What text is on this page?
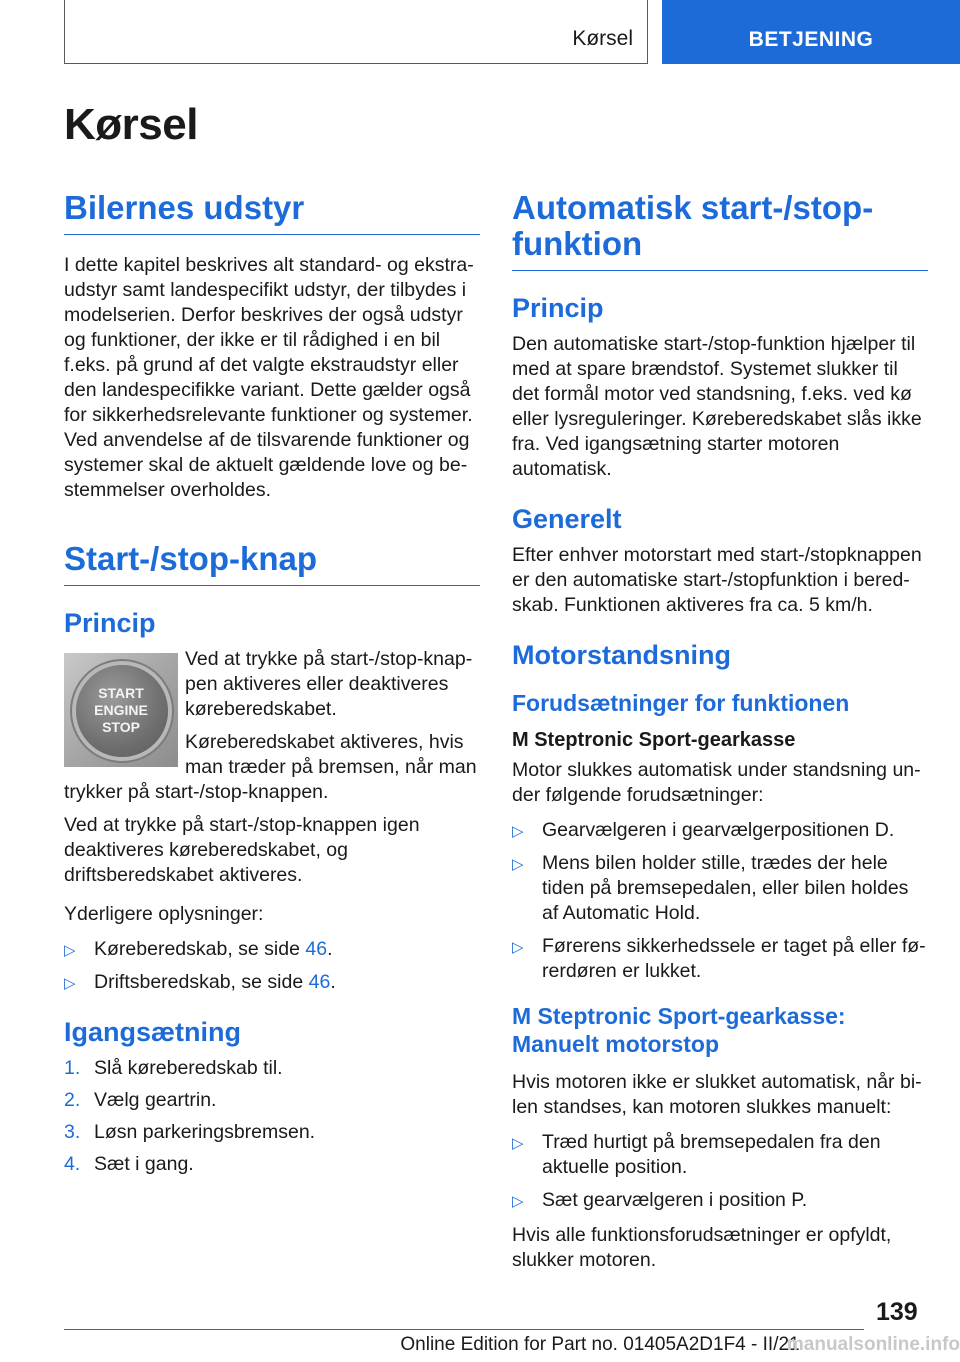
Kørsel	BETJENING
Kørsel
Bilernes udstyr

I dette kapitel beskrives alt standard- og ekstraudstyr samt landespecifikt udstyr, der tilbydes i modelserien. Derfor beskrives der også udstyr og funktioner, der ikke er til rådighed i en bil f.eks. på grund af det valgte ekstraudstyr eller den landespecifikke variant. Dette gælder også for sikkerhedsrelevante funktioner og systemer. Ved anvendelse af de tilsvarende funktioner og systemer skal de aktuelt gældende love og bestemmelser overholdes.

Start-/stop-knap
Princip
START
ENGINE
STOP

Ved at trykke på start-/stop-knappen aktiveres eller deaktiveres køreberedskabet.

Køreberedskabet aktiveres, hvis man træder på bremsen, når man trykker på start-/stop-knappen.

Ved at trykke på start-/stop-knappen igen deaktiveres køreberedskabet, og driftsberedskabet aktiveres.

Yderligere oplysninger:

▷ Køreberedskab, se side 46.
▷ Driftsberedskab, se side 46.
Igangsætning
1. Slå køreberedskab til.
2. Vælg geartrin.
3. Løsn parkeringsbremsen.
4. Sæt i gang.
Automatisk start-/stop-funktion
Princip

Den automatiske start-/stop-funktion hjælper til med at spare brændstof. Systemet slukker til det formål motor ved standsning, f.eks. ved kø eller lysreguleringer. Køreberedskabet slås ikke fra. Ved igangsætning starter motoren automatisk.

Generelt

Efter enhver motorstart med start-/stopknappen er den automatiske start-/stopfunktion i beredskab. Funktionen aktiveres fra ca. 5 km/h.

Motorstandsning
Forudsætninger for funktionen
M Steptronic Sport-gearkasse

Motor slukkes automatisk under standsning under følgende forudsætninger:

▷ Gearvælgeren i gearvælgerpositionen D.
▷ Mens bilen holder stille, trædes der hele tiden på bremsepedalen, eller bilen holdes af Automatic Hold.
▷ Førerens sikkerhedssele er taget på eller førerdøren er lukket.
M Steptronic Sport-gearkasse: Manuelt motorstop

Hvis motoren ikke er slukket automatisk, når bilen standses, kan motoren slukkes manuelt:

▷ Træd hurtigt på bremsepedalen fra den aktuelle position.
▷ Sæt gearvælgeren i position P.

Hvis alle funktionsforudsætninger er opfyldt, slukker motoren.

139
Online Edition for Part no. 01405A2D1F4 - II/21
manualsonline.info
